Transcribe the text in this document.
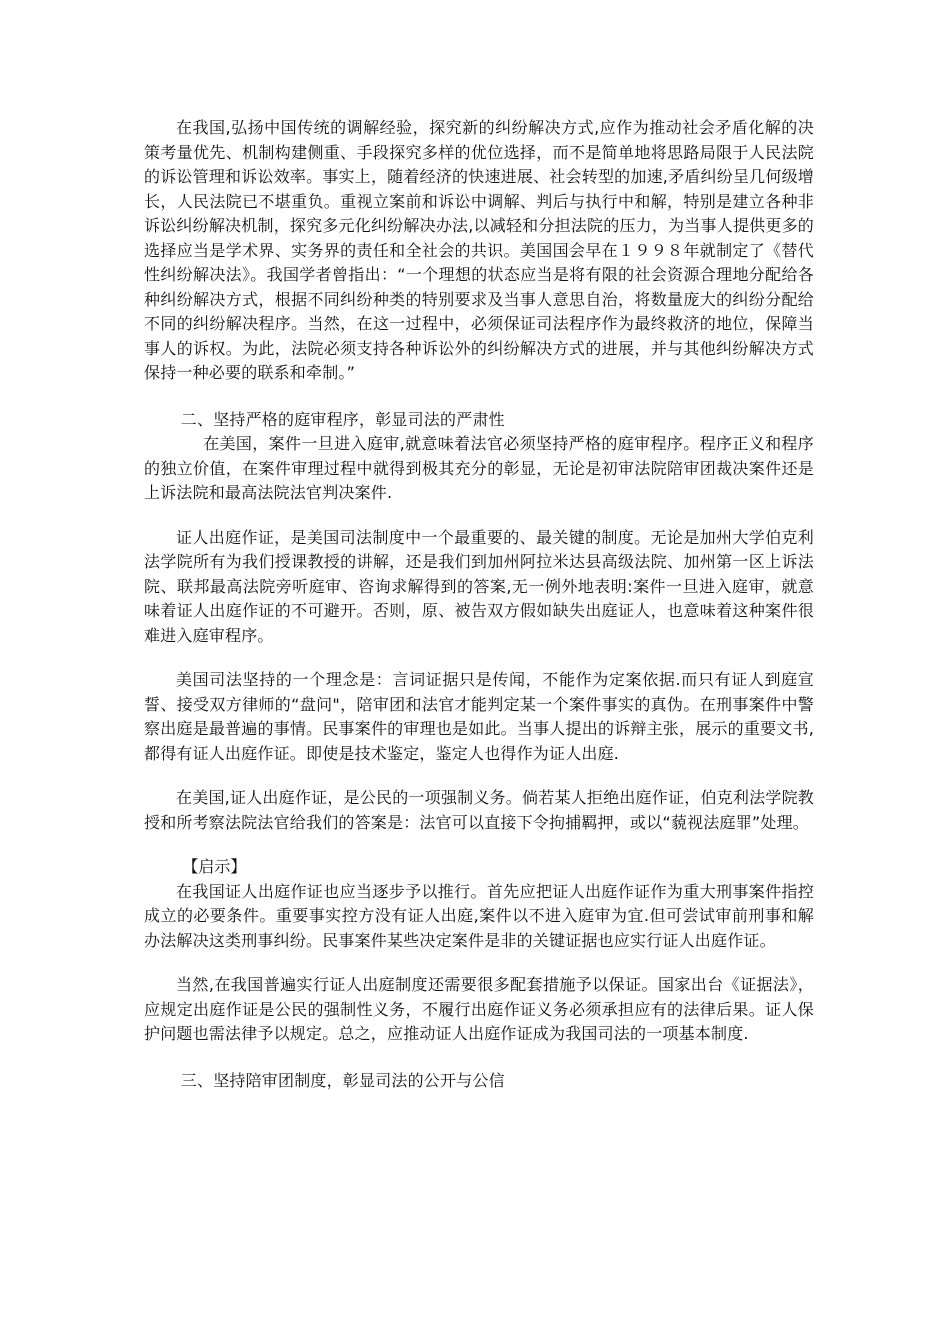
在我国,弘扬中国传统的调解经验，探究新的纠纷解决方式,应作为推动社会矛盾化解的决策考量优先、机制构建侧重、手段探究多样的优位选择，而不是简单地将思路局限于人民法院的诉讼管理和诉讼效率。事实上，随着经济的快速进展、社会转型的加速,矛盾纠纷呈几何级增长，人民法院已不堪重负。重视立案前和诉讼中调解、判后与执行中和解，特别是建立各种非诉讼纠纷解决机制，探究多元化纠纷解决办法,以减轻和分担法院的压力，为当事人提供更多的选择应当是学术界、实务界的责任和全社会的共识。美国国会早在１９９８年就制定了《替代性纠纷解决法》。我国学者曾指出：“一个理想的状态应当是将有限的社会资源合理地分配给各种纠纷解决方式，根据不同纠纷种类的特别要求及当事人意思自治，将数量庞大的纠纷分配给不同的纠纷解决程序。当然，在这一过程中，必须保证司法程序作为最终救济的地位，保障当事人的诉权。为此，法院必须支持各种诉讼外的纠纷解决方式的进展，并与其他纠纷解决方式保持一种必要的联系和牵制。”

二、坚持严格的庭审程序，彰显司法的严肃性

在美国，案件一旦进入庭审,就意味着法官必须坚持严格的庭审程序。程序正义和程序的独立价值，在案件审理过程中就得到极其充分的彰显，无论是初审法院陪审团裁决案件还是上诉法院和最高法院法官判决案件.

证人出庭作证，是美国司法制度中一个最重要的、最关键的制度。无论是加州大学伯克利法学院所有为我们授课教授的讲解，还是我们到加州阿拉米达县高级法院、加州第一区上诉法院、联邦最高法院旁听庭审、咨询求解得到的答案,无一例外地表明:案件一旦进入庭审，就意味着证人出庭作证的不可避开。否则，原、被告双方假如缺失出庭证人，也意味着这种案件很难进入庭审程序。

美国司法坚持的一个理念是：言词证据只是传闻，不能作为定案依据.而只有证人到庭宣誓、接受双方律师的“盘问"，陪审团和法官才能判定某一个案件事实的真伪。在刑事案件中警察出庭是最普遍的事情。民事案件的审理也是如此。当事人提出的诉辩主张，展示的重要文书,都得有证人出庭作证。即使是技术鉴定，鉴定人也得作为证人出庭.

在美国,证人出庭作证，是公民的一项强制义务。倘若某人拒绝出庭作证，伯克利法学院教授和所考察法院法官给我们的答案是：法官可以直接下令拘捕羁押，或以“藐视法庭罪”处理。

【启示】

在我国证人出庭作证也应当逐步予以推行。首先应把证人出庭作证作为重大刑事案件指控成立的必要条件。重要事实控方没有证人出庭,案件以不进入庭审为宜.但可尝试审前刑事和解办法解决这类刑事纠纷。民事案件某些决定案件是非的关键证据也应实行证人出庭作证。

当然,在我国普遍实行证人出庭制度还需要很多配套措施予以保证。国家出台《证据法》，应规定出庭作证是公民的强制性义务，不履行出庭作证义务必须承担应有的法律后果。证人保护问题也需法律予以规定。总之，应推动证人出庭作证成为我国司法的一项基本制度.

三、坚持陪审团制度，彰显司法的公开与公信
